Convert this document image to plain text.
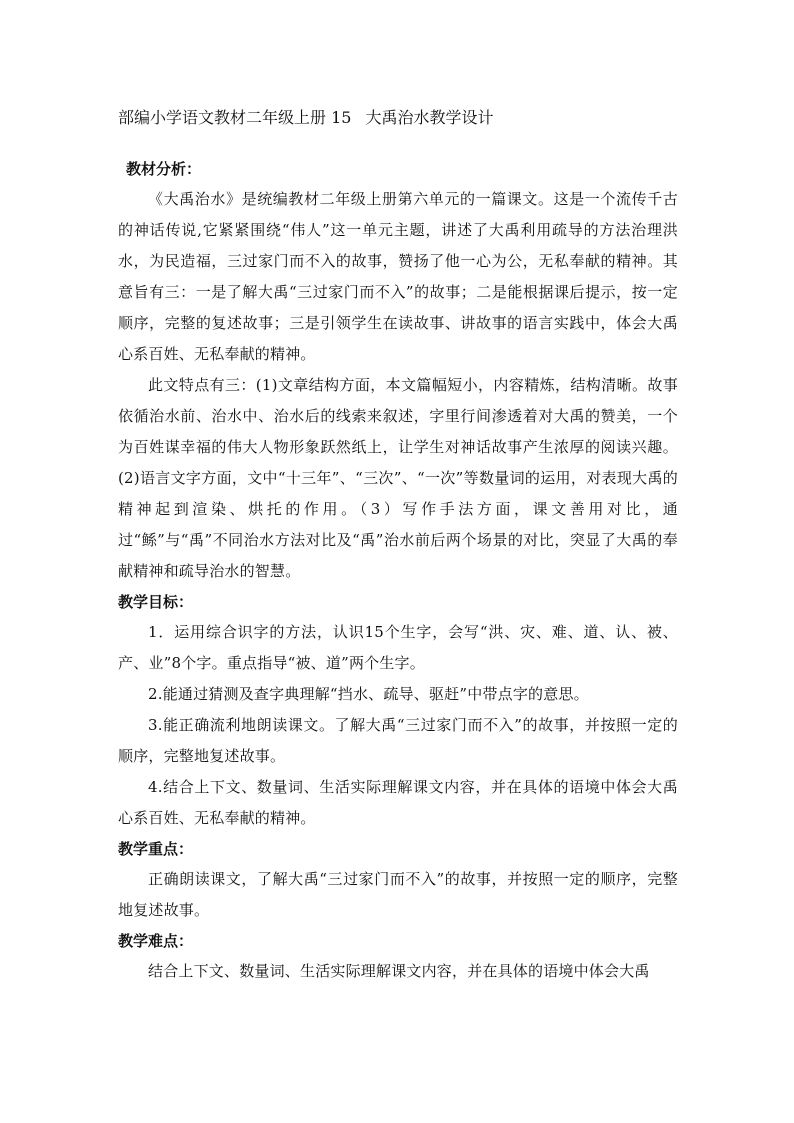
部编小学语文教材二年级上册 15 大禹治水教学设计
教材分析：

《大禹治水》是统编教材二年级上册第六单元的一篇课文。这是一个流传千古的神话传说,它紧紧围绕“伟人”这一单元主题，讲述了大禹利用疏导的方法治理洪水，为民造福，三过家门而不入的故事，赞扬了他一心为公，无私奉献的精神。其意旨有三：一是了解大禹“三过家门而不入”的故事；二是能根据课后提示，按一定顺序，完整的复述故事；三是引领学生在读故事、讲故事的语言实践中，体会大禹心系百姓、无私奉献的精神。

此文特点有三：(1)文章结构方面，本文篇幅短小，内容精炼，结构清晰。故事依循治水前、治水中、治水后的线索来叙述，字里行间渗透着对大禹的赞美，一个为百姓谋幸福的伟大人物形象跃然纸上，让学生对神话故事产生浓厚的阅读兴趣。(2)语言文字方面，文中“十三年”、“三次”、“一次”等数量词的运用，对表现大禹的精神起到渲染、烘托的作用。（3）写作手法方面，课文善用对比，通过“鲧”与“禹”不同治水方法对比及“禹”治水前后两个场景的对比，突显了大禹的奉献精神和疏导治水的智慧。

教学目标：

1．运用综合识字的方法，认识15个生字，会写“洪、灾、难、道、认、被、产、业”8个字。重点指导“被、道”两个生字。

2.能通过猜测及查字典理解“挡水、疏导、驱赶”中带点字的意思。

3.能正确流利地朗读课文。了解大禹“三过家门而不入”的故事，并按照一定的顺序，完整地复述故事。

4.结合上下文、数量词、生活实际理解课文内容，并在具体的语境中体会大禹心系百姓、无私奉献的精神。

教学重点：

正确朗读课文，了解大禹“三过家门而不入”的故事，并按照一定的顺序，完整地复述故事。

教学难点：

结合上下文、数量词、生活实际理解课文内容，并在具体的语境中体会大禹
